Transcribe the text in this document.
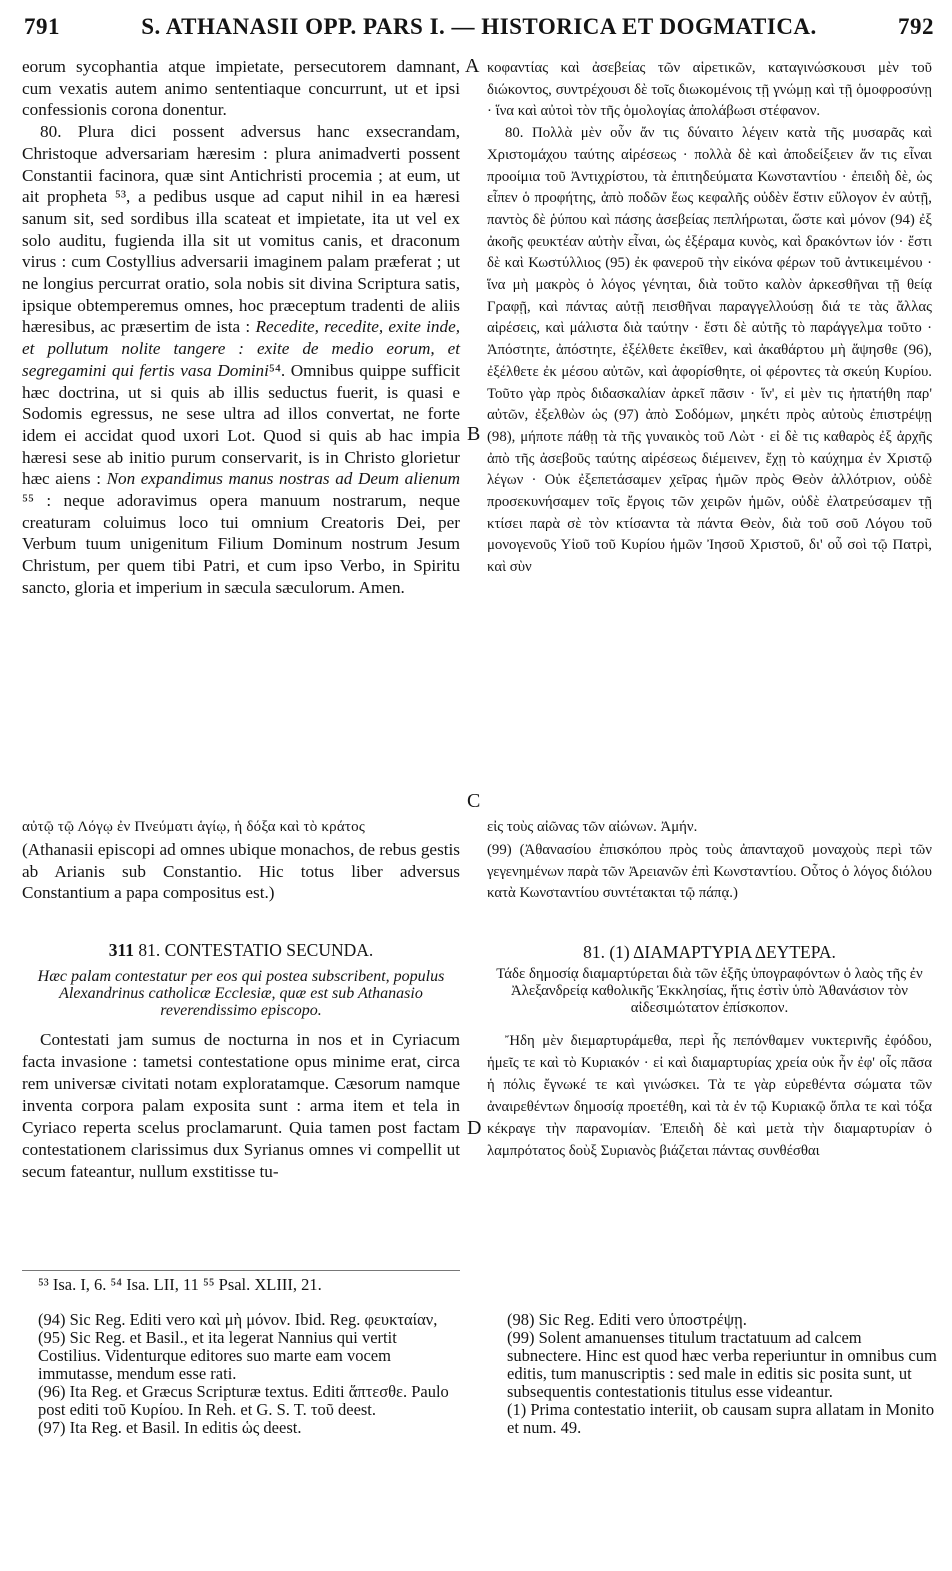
791	S. ATHANASII OPP. PARS I. — HISTORICA ET DOGMATICA.	792
A
B
C
D

eorum sycophantia atque impietate, persecutorem damnant, cum vexatis autem animo sententiaque concurrunt, ut et ipsi confessionis corona donentur.

80. Plura dici possent adversus hanc exsecrandam, Christoque adversariam hæresim : plura animadverti possent Constantii facinora, quæ sint Antichristi procemia ; at eum, ut ait propheta ⁵³, a pedibus usque ad caput nihil in ea hæresi sanum sit, sed sordibus illa scateat et impietate, ita ut vel ex solo auditu, fugienda illa sit ut vomitus canis, et draconum virus : cum Costyllius adversarii imaginem palam præferat ; ut ne longius percurrat oratio, sola nobis sit divina Scriptura satis, ipsique obtemperemus omnes, hoc præceptum tradenti de aliis hæresibus, ac præsertim de ista : Recedite, recedite, exite inde, et pollutum nolite tangere : exite de medio eorum, et segregamini qui fertis vasa Domini⁵⁴. Omnibus quippe sufficit hæc doctrina, ut si quis ab illis seductus fuerit, is quasi e Sodomis egressus, ne sese ultra ad illos convertat, ne forte idem ei accidat quod uxori Lot. Quod si quis ab hac impia hæresi sese ab initio purum conservarit, is in Christo glorietur hæc aiens : Non expandimus manus nostras ad Deum alienum ⁵⁵ : neque adoravimus opera manuum nostrarum, neque creaturam coluimus loco tui omnium Creatoris Dei, per Verbum tuum unigenitum Filium Dominum nostrum Jesum Christum, per quem tibi Patri, et cum ipso Verbo, in Spiritu sancto, gloria et imperium in sæcula sæculorum. Amen.

αὐτῷ τῷ Λόγῳ ἐν Πνεύματι ἁγίῳ, ἡ δόξα καὶ τὸ κράτος
(Athanasii episcopi ad omnes ubique monachos, de rebus gestis ab Arianis sub Constantio. Hic totus liber adversus Constantium a papa compositus est.)

311 81. CONTESTATIO SECUNDA.

Hæc palam contestatur per eos qui postea subscribent, populus Alexandrinus catholicæ Ecclesiæ, quæ est sub Athanasio reverendissimo episcopo.

Contestati jam sumus de nocturna in nos et in Cyriacum facta invasione : tametsi contestatione opus minime erat, circa rem universæ civitati notam exploratamque. Cæsorum namque inventa corpora palam exposita sunt : arma item et tela in Cyriaco reperta scelus proclamarunt. Quia tamen post factam contestationem clarissimus dux Syrianus omnes vi compellit ut secum fateantur, nullum exstitisse tu-

κοφαντίας καὶ ἀσεβείας τῶν αἱρετικῶν, καταγινώσκουσι μὲν τοῦ διώκοντος, συντρέχουσι δὲ τοῖς διωκομένοις τῇ γνώμῃ καὶ τῇ ὁμοφροσύνῃ · ἵνα καὶ αὐτοὶ τὸν τῆς ὁμολογίας ἀπολάβωσι στέφανον.

80. Πολλὰ μὲν οὖν ἄν τις δύναιτο λέγειν κατὰ τῆς μυσαρᾶς καὶ Χριστομάχου ταύτης αἱρέσεως · πολλὰ δὲ καὶ ἀποδείξειεν ἄν τις εἶναι προοίμια τοῦ Ἀντιχρίστου, τὰ ἐπιτηδεύματα Κωνσταντίου · ἐπειδὴ δὲ, ὡς εἶπεν ὁ προφήτης, ἀπὸ ποδῶν ἕως κεφαλῆς οὐδὲν ἔστιν εὔλογον ἐν αὐτῇ, παντὸς δὲ ῥύπου καὶ πάσης ἀσεβείας πεπλήρωται, ὥστε καὶ μόνον (94) ἐξ ἀκοῆς φευκτέαν αὐτὴν εἶναι, ὡς ἐξέραμα κυνὸς, καὶ δρακόντων ἰόν · ἔστι δὲ καὶ Κωστύλλιος (95) ἐκ φανεροῦ τὴν εἰκόνα φέρων τοῦ ἀντικειμένου · ἵνα μὴ μακρὸς ὁ λόγος γένηται, διὰ τοῦτο καλὸν ἀρκεσθῆναι τῇ θείᾳ Γραφῇ, καὶ πάντας αὐτῇ πεισθῆναι παραγγελλούσῃ διά τε τὰς ἄλλας αἱρέσεις, καὶ μάλιστα διὰ ταύτην · ἔστι δὲ αὐτῆς τὸ παράγγελμα τοῦτο · Ἀπόστητε, ἀπόστητε, ἐξέλθετε ἐκεῖθεν, καὶ ἀκαθάρτου μὴ ἅψησθε (96), ἐξέλθετε ἐκ μέσου αὐτῶν, καὶ ἀφορίσθητε, οἱ φέροντες τὰ σκεύη Κυρίου. Τοῦτο γὰρ πρὸς διδασκαλίαν ἀρκεῖ πᾶσιν · ἵν', εἰ μὲν τις ἠπατήθη παρ' αὐτῶν, ἐξελθὼν ὡς (97) ἀπὸ Σοδόμων, μηκέτι πρὸς αὐτοὺς ἐπιστρέψῃ (98), μήποτε πάθῃ τὰ τῆς γυναικὸς τοῦ Λὼτ · εἰ δὲ τις καθαρὸς ἐξ ἀρχῆς ἀπὸ τῆς ἀσεβοῦς ταύτης αἱρέσεως διέμεινεν, ἔχῃ τὸ καύχημα ἐν Χριστῷ λέγων · Οὐκ ἐξεπετάσαμεν χεῖρας ἡμῶν πρὸς Θεὸν ἀλλότριον, οὐδὲ προσεκυνήσαμεν τοῖς ἔργοις τῶν χειρῶν ἡμῶν, οὐδὲ ἐλατρεύσαμεν τῇ κτίσει παρὰ σὲ τὸν κτίσαντα τὰ πάντα Θεὸν, διὰ τοῦ σοῦ Λόγου τοῦ μονογενοῦς Υἱοῦ τοῦ Κυρίου ἡμῶν Ἰησοῦ Χριστοῦ, δι' οὗ σοὶ τῷ Πατρὶ, καὶ σὺν

εἰς τοὺς αἰῶνας τῶν αἰώνων. Ἀμήν.
(99) (Ἀθανασίου ἐπισκόπου πρὸς τοὺς ἀπανταχοῦ μοναχοὺς περὶ τῶν γεγενημένων παρὰ τῶν Ἀρειανῶν ἐπὶ Κωνσταντίου. Οὗτος ὁ λόγος διόλου κατὰ Κωνσταντίου συντέτακται τῷ πάπᾳ.)

81. (1) ΔΙΑΜΑΡΤΥΡΙΑ ΔΕΥΤΕΡΑ.

Τάδε δημοσίᾳ διαμαρτύρεται διὰ τῶν ἑξῆς ὑπογραφόντων ὁ λαὸς τῆς ἐν Ἀλεξανδρείᾳ καθολικῆς Ἐκκλησίας, ἥτις ἐστὶν ὑπὸ Ἀθανάσιον τὸν αἰδεσιμώτατον ἐπίσκοπον.

Ἤδη μὲν διεμαρτυράμεθα, περὶ ἧς πεπόνθαμεν νυκτερινῆς ἐφόδου, ἡμεῖς τε καὶ τὸ Κυριακόν · εἰ καὶ διαμαρτυρίας χρεία οὐκ ἦν ἐφ' οἷς πᾶσα ἡ πόλις ἔγνωκέ τε καὶ γινώσκει. Τὰ τε γὰρ εὑρεθέντα σώματα τῶν ἀναιρεθέντων δημοσίᾳ προετέθη, καὶ τὰ ἐν τῷ Κυριακῷ ὅπλα τε καὶ τόξα κέκραγε τὴν παρανομίαν. Ἐπειδὴ δὲ καὶ μετὰ τὴν διαμαρτυρίαν ὁ λαμπρότατος δοὺξ Συριανὸς βιάζεται πάντας συνθέσθαι

⁵³ Isa. I, 6. ⁵⁴ Isa. LII, 11 ⁵⁵ Psal. XLIII, 21.

(94) Sic Reg. Editi vero καὶ μὴ μόνον. Ibid. Reg. φευκταίαν,

(95) Sic Reg. et Basil., et ita legerat Nannius qui vertit Costilius. Videnturque editores suo marte eam vocem immutasse, mendum esse rati.

(96) Ita Reg. et Græcus Scripturæ textus. Editi ἅπτεσθε. Paulo post editi τοῦ Κυρίου. In Reh. et G. S. T. τοῦ deest.

(97) Ita Reg. et Basil. In editis ὡς deest.

(98) Sic Reg. Editi vero ὑποστρέψῃ.

(99) Solent amanuenses titulum tractatuum ad calcem subnectere. Hinc est quod hæc verba reperiuntur in omnibus cum editis, tum manuscriptis : sed male in editis sic posita sunt, ut subsequentis contestationis titulus esse videantur.

(1) Prima contestatio interiit, ob causam supra allatam in Monito et num. 49.
